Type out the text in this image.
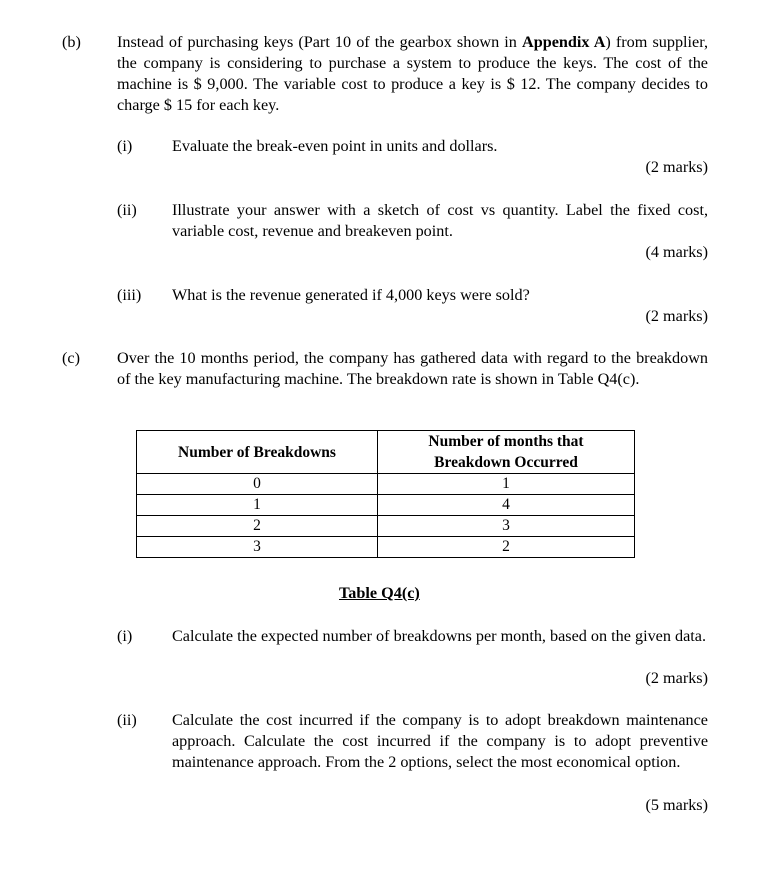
(b) Instead of purchasing keys (Part 10 of the gearbox shown in Appendix A) from supplier, the company is considering to purchase a system to produce the keys. The cost of the machine is $ 9,000. The variable cost to produce a key is $ 12. The company decides to charge $ 15 for each key.
(i) Evaluate the break-even point in units and dollars.
(2 marks)
(ii) Illustrate your answer with a sketch of cost vs quantity. Label the fixed cost, variable cost, revenue and breakeven point.
(4 marks)
(iii) What is the revenue generated if 4,000 keys were sold?
(2 marks)
(c) Over the 10 months period, the company has gathered data with regard to the breakdown of the key manufacturing machine. The breakdown rate is shown in Table Q4(c).
Number of Breakdowns	Number of months that Breakdown Occurred
0	1
1	4
2	3
3	2
Table Q4(c)
(i) Calculate the expected number of breakdowns per month, based on the given data.
(2 marks)
(ii) Calculate the cost incurred if the company is to adopt breakdown maintenance approach. Calculate the cost incurred if the company is to adopt preventive maintenance approach. From the 2 options, select the most economical option.
(5 marks)
